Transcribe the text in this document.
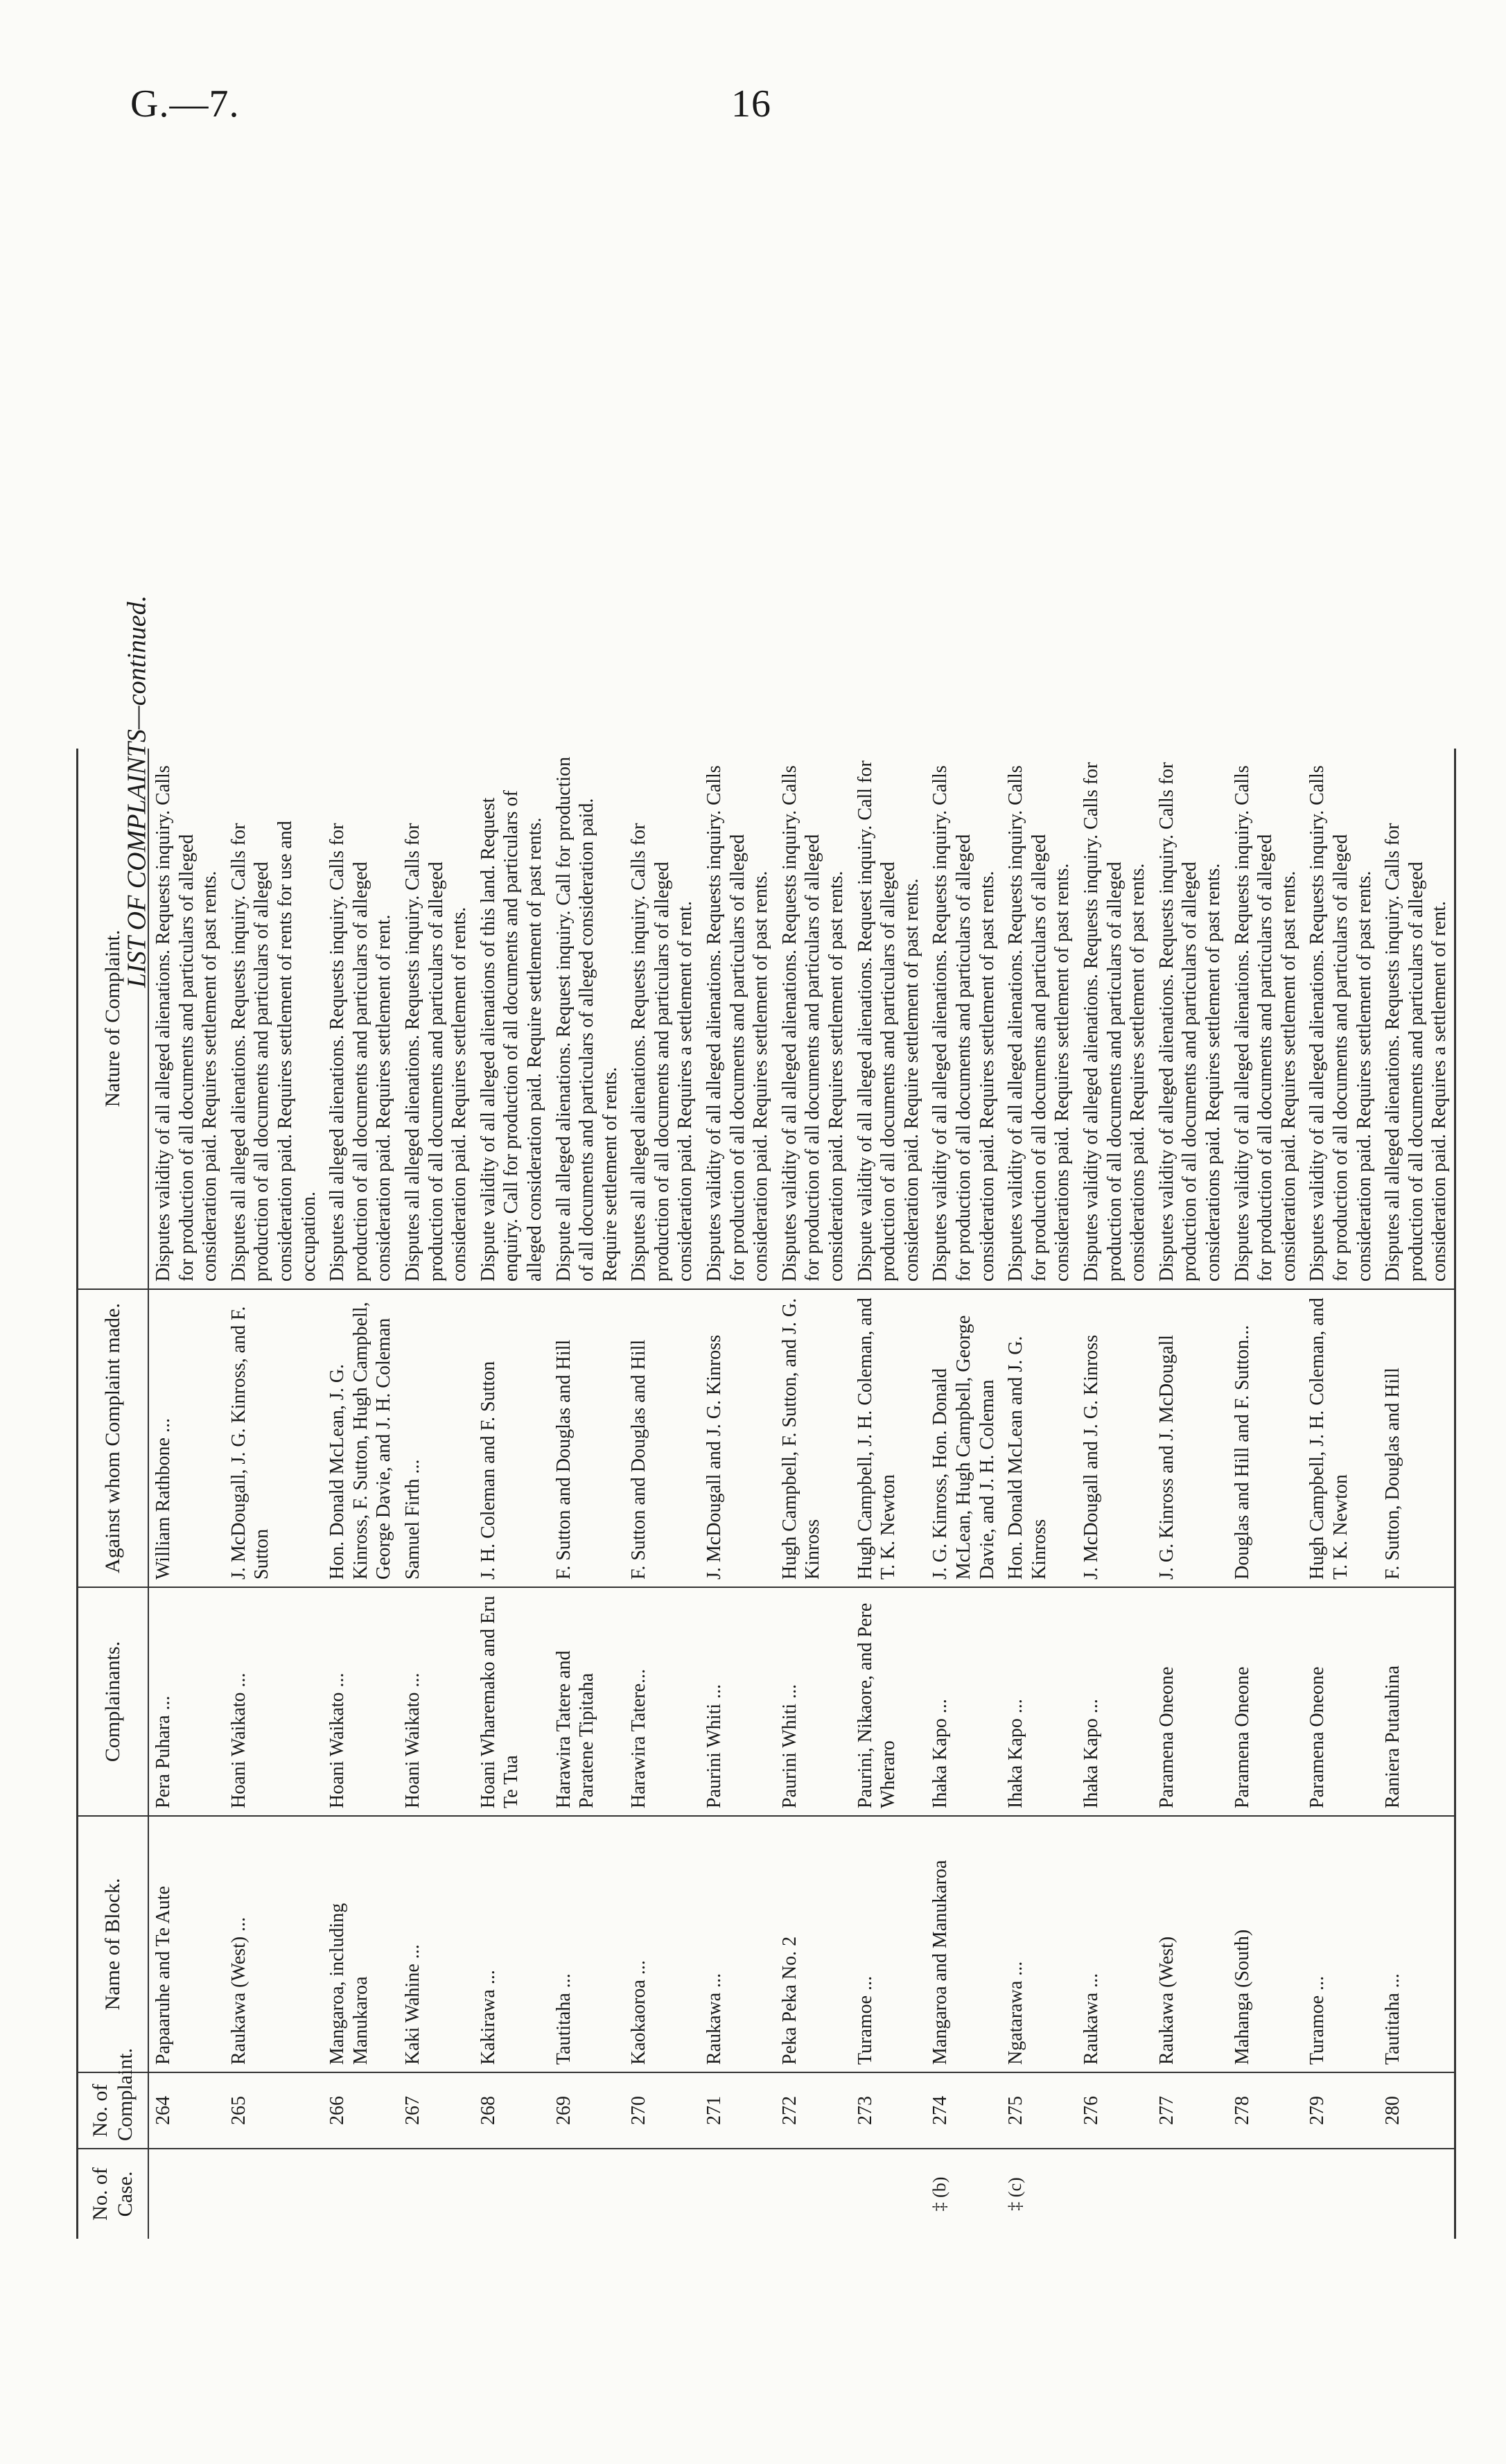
G.—7.	16
LIST OF COMPLAINTS—continued.
No. of Case.	No. of Complaint.	Name of Block.	Complainants.	Against whom Complaint made.	Nature of Complaint.
	264	Papaaruhe and Te Aute	Pera Puhara ...	William Rathbone ...	Disputes validity of all alleged alienations. Requests inquiry. Calls for production of all documents and particulars of alleged consideration paid. Requires settlement of past rents.
	265	Raukawa (West) ...	Hoani Waikato ...	J. McDougall, J. G. Kinross, and F. Sutton	Disputes all alleged alienations. Requests inquiry. Calls for production of all documents and particulars of alleged consideration paid. Requires settlement of rents for use and occupation.
	266	Mangaroa, including Manukaroa	Hoani Waikato ...	Hon. Donald McLean, J. G. Kinross, F. Sutton, Hugh Campbell, George Davie, and J. H. Coleman	Disputes all alleged alienations. Requests inquiry. Calls for production of all documents and particulars of alleged consideration paid. Requires settlement of rent.
	267	Kaki Wahine ...	Hoani Waikato ...	Samuel Firth ...	Disputes all alleged alienations. Requests inquiry. Calls for production of all documents and particulars of alleged consideration paid. Requires settlement of rents.
	268	Kakirawa ...	Hoani Wharemako and Eru Te Tua	J. H. Coleman and F. Sutton	Dispute validity of all alleged alienations of this land. Request enquiry. Call for production of all documents and particulars of alleged consideration paid. Require settlement of past rents.
	269	Tautitaha ...	Harawira Tatere and Paratene Tipitaha	F. Sutton and Douglas and Hill	Dispute all alleged alienations. Request inquiry. Call for production of all documents and particulars of alleged consideration paid. Require settlement of rents.
	270	Kaokaoroa ...	Harawira Tatere...	F. Sutton and Douglas and Hill	Disputes all alleged alienations. Requests inquiry. Calls for production of all documents and particulars of alleged consideration paid. Requires a settlement of rent.
	271	Raukawa ...	Paurini Whiti ...	J. McDougall and J. G. Kinross	Disputes validity of all alleged alienations. Requests inquiry. Calls for production of all documents and particulars of alleged consideration paid. Requires settlement of past rents.
	272	Peka Peka No. 2	Paurini Whiti ...	Hugh Campbell, F. Sutton, and J. G. Kinross	Disputes validity of all alleged alienations. Requests inquiry. Calls for production of all documents and particulars of alleged consideration paid. Requires settlement of past rents.
	273	Turamoe ...	Paurini, Nikaore, and Pere Wheraro	Hugh Campbell, J. H. Coleman, and T. K. Newton	Dispute validity of all alleged alienations. Request inquiry. Call for production of all documents and particulars of alleged consideration paid. Require settlement of past rents.
‡ (b)	274	Mangaroa and Manukaroa	Ihaka Kapo ...	J. G. Kinross, Hon. Donald McLean, Hugh Campbell, George Davie, and J. H. Coleman	Disputes validity of all alleged alienations. Requests inquiry. Calls for production of all documents and particulars of alleged consideration paid. Requires settlement of past rents.
‡ (c)	275	Ngatarawa ...	Ihaka Kapo ...	Hon. Donald McLean and J. G. Kinross	Disputes validity of all alleged alienations. Requests inquiry. Calls for production of all documents and particulars of alleged considerations paid. Requires settlement of past rents.
	276	Raukawa ...	Ihaka Kapo ...	J. McDougall and J. G. Kinross	Disputes validity of alleged alienations. Requests inquiry. Calls for production of all documents and particulars of alleged considerations paid. Requires settlement of past rents.
	277	Raukawa (West)	Paramena Oneone	J. G. Kinross and J. McDougall	Disputes validity of alleged alienations. Requests inquiry. Calls for production of all documents and particulars of alleged considerations paid. Requires settlement of past rents.
	278	Mahanga (South)	Paramena Oneone	Douglas and Hill and F. Sutton...	Disputes validity of all alleged alienations. Requests inquiry. Calls for production of all documents and particulars of alleged consideration paid. Requires settlement of past rents.
	279	Turamoe ...	Paramena Oneone	Hugh Campbell, J. H. Coleman, and T. K. Newton	Disputes validity of all alleged alienations. Requests inquiry. Calls for production of all documents and particulars of alleged consideration paid. Requires settlement of past rents.
	280	Tautitaha ...	Raniera Putauhina	F. Sutton, Douglas and Hill	Disputes all alleged alienations. Requests inquiry. Calls for production of all documents and particulars of alleged consideration paid. Requires a settlement of rent.
